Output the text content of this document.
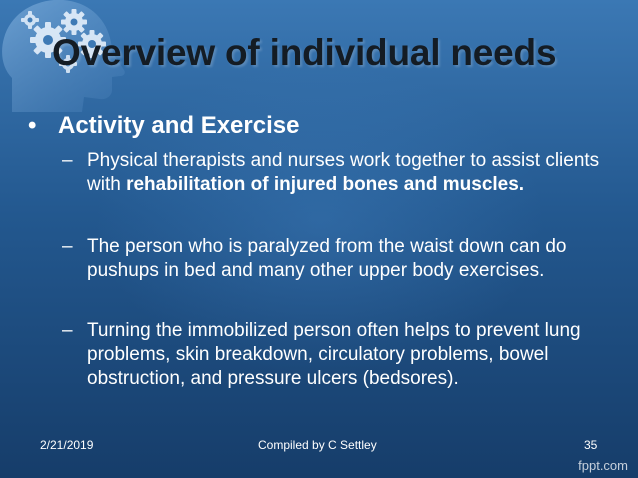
Overview of individual needs
• Activity and Exercise
– Physical therapists and nurses work together to assist clients with rehabilitation of injured bones and muscles.
– The person who is paralyzed from the waist down can do pushups in bed and many other upper body exercises.
– Turning the immobilized person often helps to prevent lung problems, skin breakdown, circulatory problems, bowel obstruction, and pressure ulcers (bedsores).
2/21/2019	Compiled by C Settley	35
fppt.com
